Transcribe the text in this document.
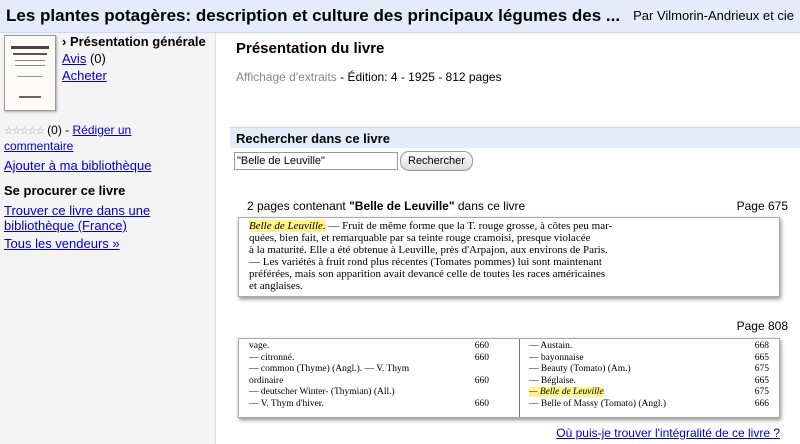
Les plantes potagères: description et culture des principaux légumes des ... Par Vilmorin-Andrieux et cie
› Présentation générale
Avis (0)
Acheter
☆☆☆☆☆ (0) - Rédiger un commentaire
Ajouter à ma bibliothèque
Se procurer ce livre
Trouver ce livre dans une bibliothèque (France)
Tous les vendeurs »
Présentation du livre
Affichage d'extraits - Édition: 4 - 1925 - 812 pages
Rechercher dans ce livre
"Belle de Leuville"
Rechercher
2 pages contenant "Belle de Leuville" dans ce livre	Page 675
Belle de Leuville. — Fruit de même forme que la T. rouge grosse, à côtes peu mar-
quées, bien fait, et remarquable par sa teinte rouge cramoisi, presque violacée
à la maturité. Elle a été obtenue à Leuville, près d'Arpajon, aux environs de Paris.
— Les variétés à fruit rond plus récentes (Tomates pommes) lui sont maintenant
préférées, mais son apparition avait devancé celle de toutes les races américaines
et anglaises.
Page 808
vage.	660
— citronné.	660
— common (Thyme) (Angl.). — V. Thym
ordinaire	660
— deutscher Winter- (Thymian) (All.)
— V. Thym d'hiver.	660
— Austain.	668
— bayonnaise	665
— Beauty (Tomato) (Am.)	675
— Béglaise.	665
— Belle de Leuville	675
— Belle of Massy (Tomato) (Angl.)	666
Où puis-je trouver l'intégralité de ce livre ?
